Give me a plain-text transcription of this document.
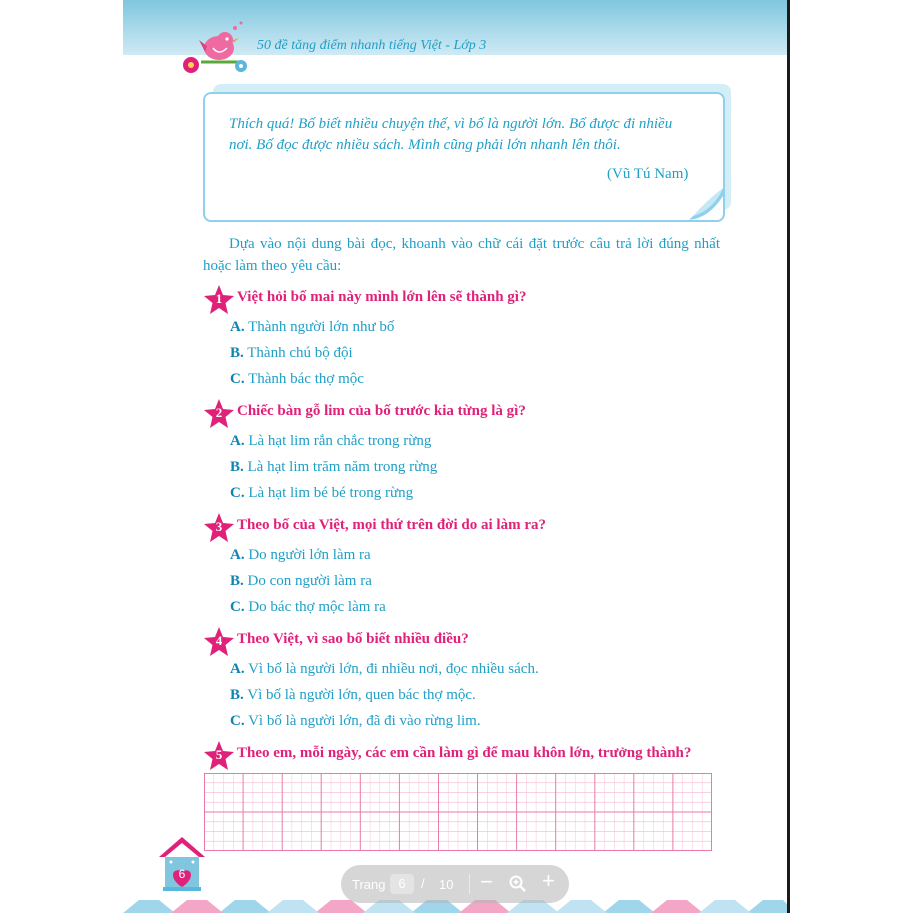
50 đề tăng điểm nhanh tiếng Việt - Lớp 3
Thích quá! Bố biết nhiều chuyện thế, vì bố là người lớn. Bố được đi nhiều nơi. Bố đọc được nhiều sách. Mình cũng phải lớn nhanh lên thôi.
(Vũ Tú Nam)
Dựa vào nội dung bài đọc, khoanh vào chữ cái đặt trước câu trả lời đúng nhất hoặc làm theo yêu cầu:
1 Việt hỏi bố mai này mình lớn lên sẽ thành gì?
A. Thành người lớn như bố
B. Thành chú bộ đội
C. Thành bác thợ mộc
2 Chiếc bàn gỗ lim của bố trước kia từng là gì?
A. Là hạt lim rắn chắc trong rừng
B. Là hạt lim trăm năm trong rừng
C. Là hạt lim bé bé trong rừng
3 Theo bố của Việt, mọi thứ trên đời do ai làm ra?
A. Do người lớn làm ra
B. Do con người làm ra
C. Do bác thợ mộc làm ra
4 Theo Việt, vì sao bố biết nhiều điều?
A. Vì bố là người lớn, đi nhiều nơi, đọc nhiều sách.
B. Vì bố là người lớn, quen bác thợ mộc.
C. Vì bố là người lớn, đã đi vào rừng lim.
5 Theo em, mỗi ngày, các em cần làm gì để mau khôn lớn, trưởng thành?
6
Trang 6	/ 10 − +
